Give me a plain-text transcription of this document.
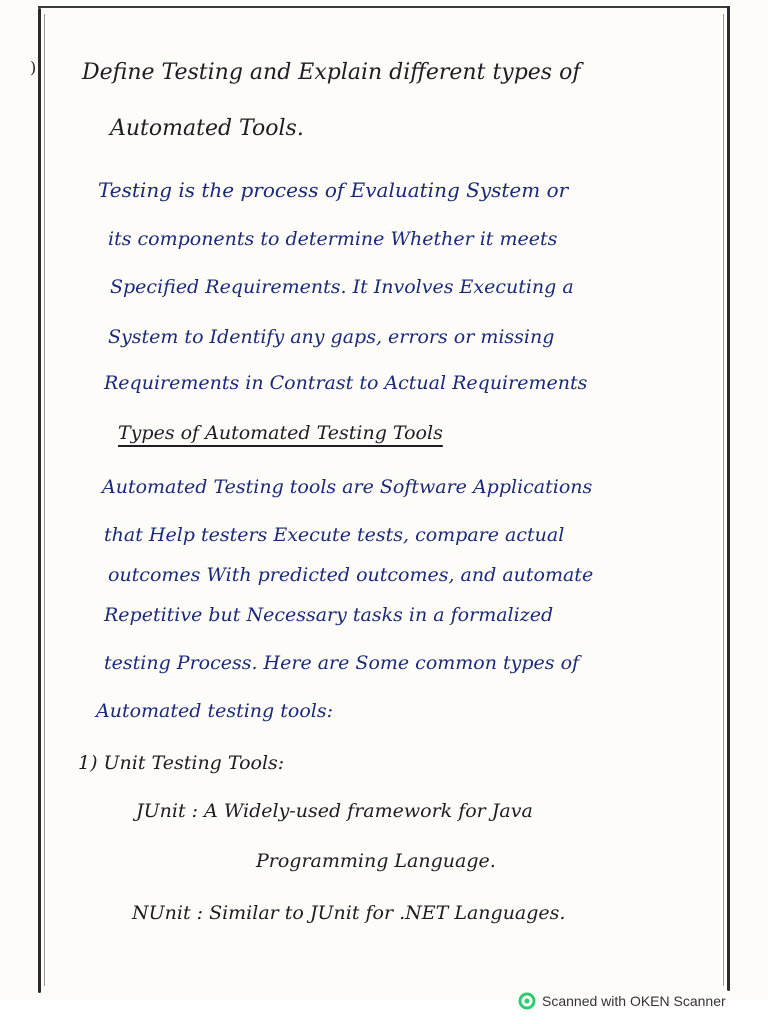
) Define Testing and Explain different types of
Automated Tools.
Testing is the process of Evaluating System or
its components to determine Whether it meets
Specified Requirements. It Involves Executing a
System to Identify any gaps, errors or missing
Requirements in Contrast to Actual Requirements
Types of Automated Testing Tools
Automated Testing tools are Software Applications
that Help testers Execute tests, compare actual
outcomes With predicted outcomes, and automate
Repetitive but Necessary tasks in a formalized
testing Process. Here are Some common types of
Automated testing tools:
1) Unit Testing Tools:
JUnit : A Widely-used framework for Java
Programming Language.
NUnit : Similar to JUnit for .NET Languages.
Scanned with OKEN Scanner
